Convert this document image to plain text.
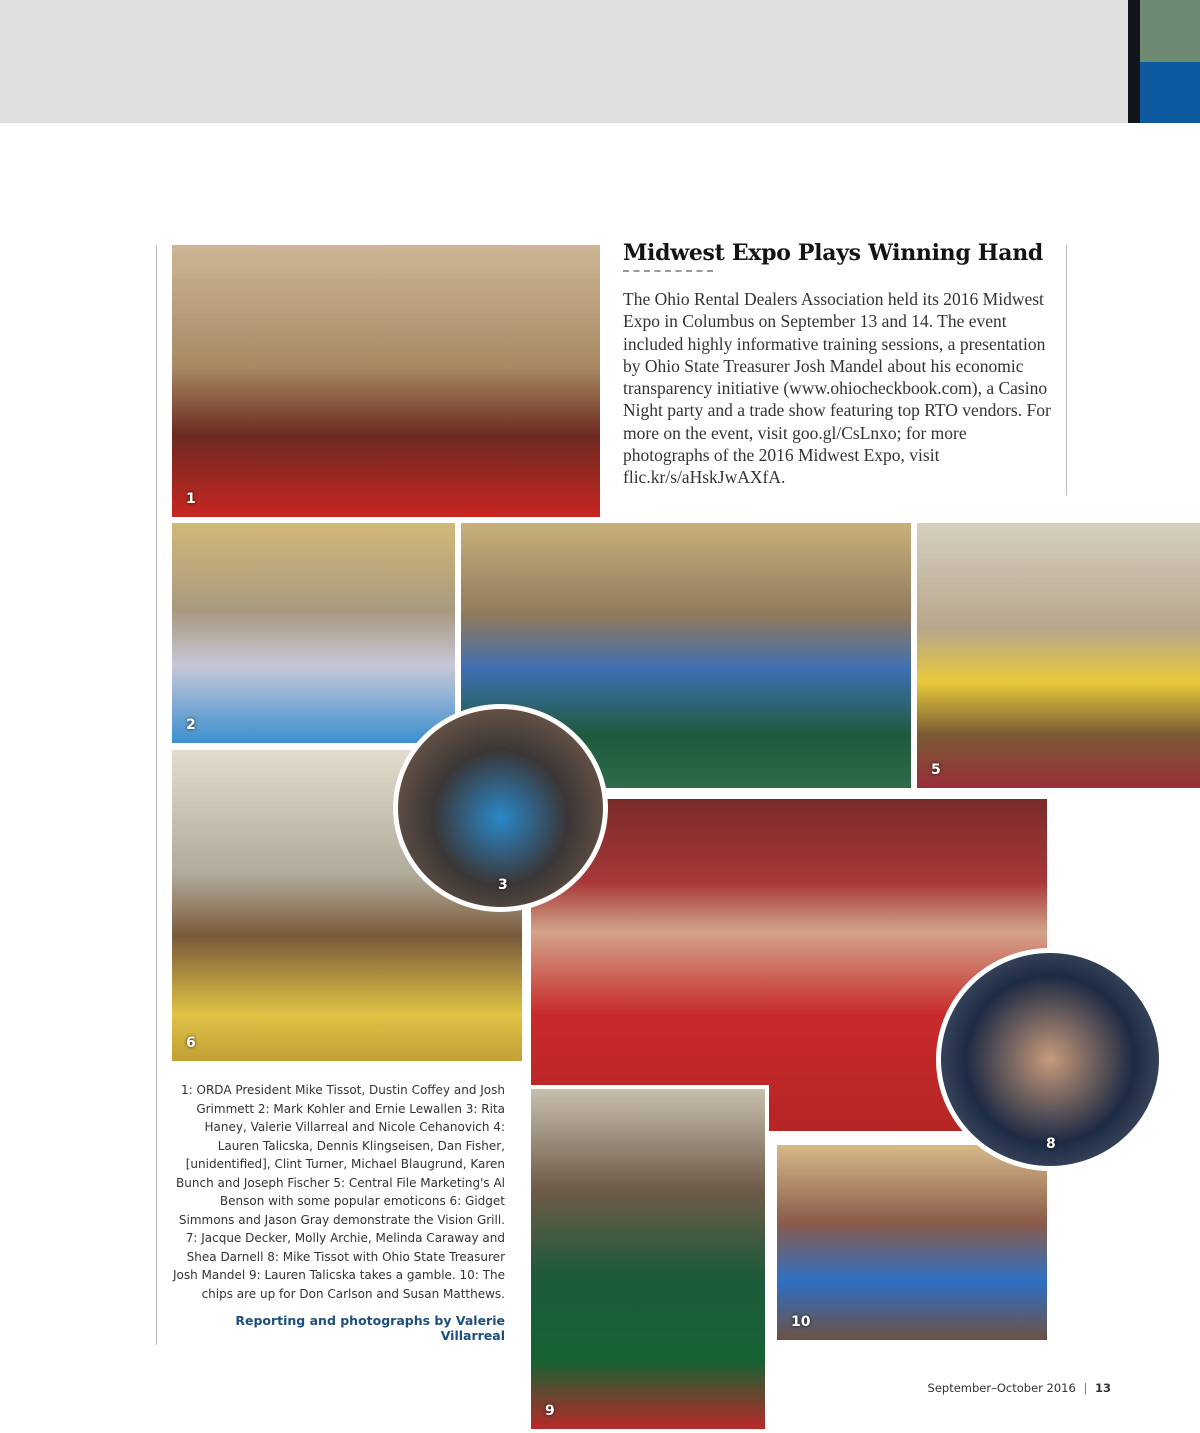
1
2
5
6
3
9
10
8
Midwest Expo Plays Winning Hand
The Ohio Rental Dealers Association held its 2016 Midwest Expo in Columbus on September 13 and 14. The event included highly informative training sessions, a presentation by Ohio State Treasurer Josh Mandel about his economic transparency initiative (www.ohiocheckbook.com), a Casino Night party and a trade show featuring top RTO vendors. For more on the event, visit goo.gl/CsLnxo; for more photographs of the 2016 Midwest Expo, visit flic.kr/s/aHskJwAXfA.
1: ORDA President Mike Tissot, Dustin Coffey and Josh Grimmett 2: Mark Kohler and Ernie Lewallen 3: Rita Haney, Valerie Villarreal and Nicole Cehanovich 4: Lauren Talicska, Dennis Klingseisen, Dan Fisher, [unidentified], Clint Turner, Michael Blaugrund, Karen Bunch and Joseph Fischer 5: Central File Marketing's Al Benson with some popular emoticons 6: Gidget Simmons and Jason Gray demonstrate the Vision Grill. 7: Jacque Decker, Molly Archie, Melinda Caraway and Shea Darnell 8: Mike Tissot with Ohio State Treasurer Josh Mandel 9: Lauren Talicska takes a gamble. 10: The chips are up for Don Carlson and Susan Matthews.
Reporting and photographs by Valerie Villarreal
September–October 2016 | 13
